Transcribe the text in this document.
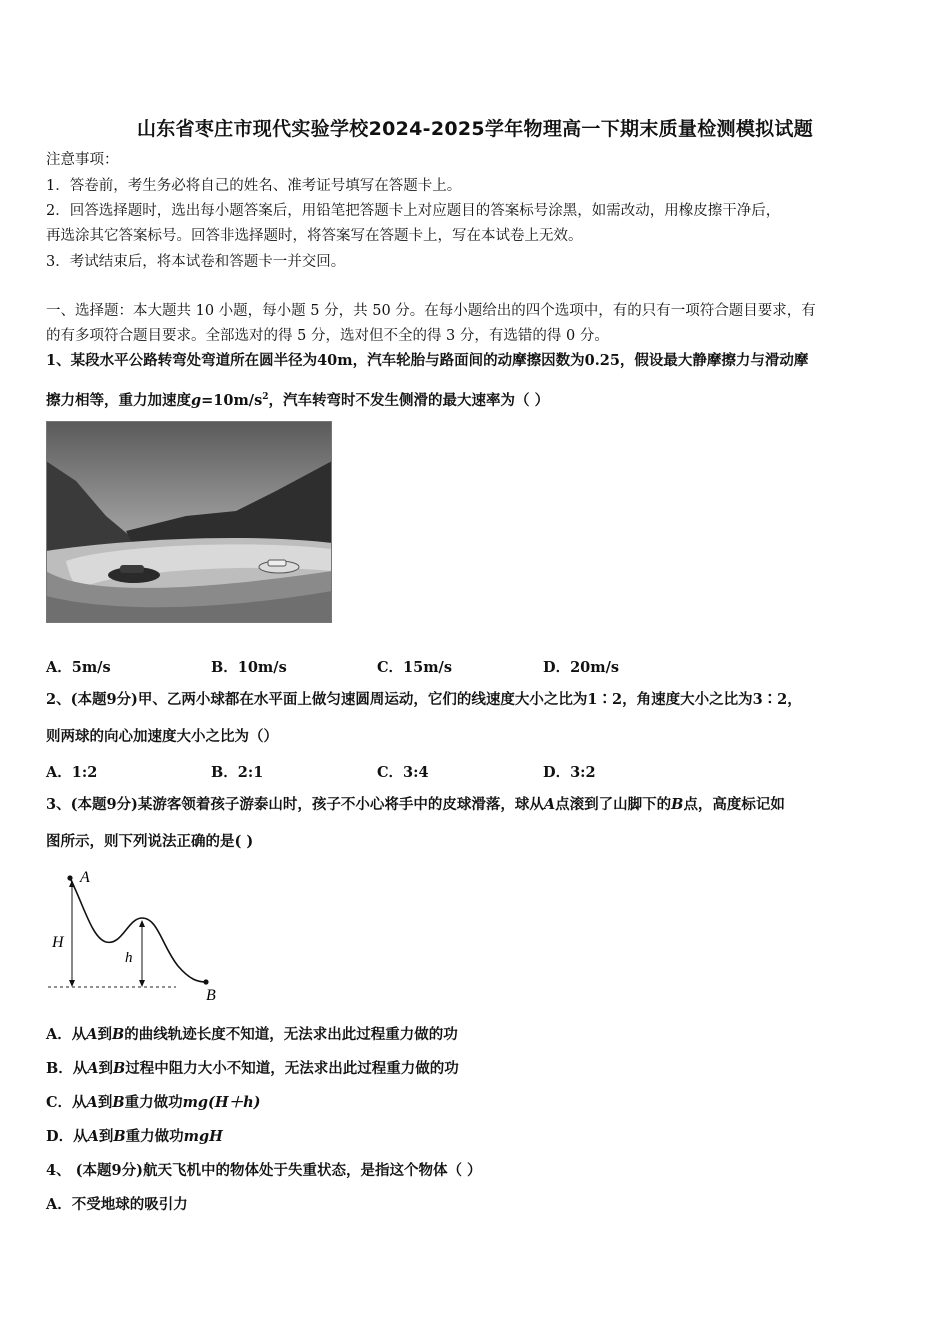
山东省枣庄市现代实验学校2024-2025学年物理高一下期末质量检测模拟试题
注意事项：
1．答卷前，考生务必将自己的姓名、准考证号填写在答题卡上。
2．回答选择题时，选出每小题答案后，用铅笔把答题卡上对应题目的答案标号涂黑，如需改动，用橡皮擦干净后，
再选涂其它答案标号。回答非选择题时，将答案写在答题卡上，写在本试卷上无效。
3．考试结束后，将本试卷和答题卡一并交回。
一、选择题：本大题共 10 小题，每小题 5 分，共 50 分。在每小题给出的四个选项中，有的只有一项符合题目要求，有
的有多项符合题目要求。全部选对的得 5 分，选对但不全的得 3 分，有选错的得 0 分。
1、某段水平公路转弯处弯道所在圆半径为40m，汽车轮胎与路面间的动摩擦因数为0.25，假设最大静摩擦力与滑动摩
擦力相等，重力加速度$g=10m/s^2$，汽车转弯时不发生侧滑的最大速率为（ ）
A．5m/s	B．10m/s	C．15m/s	D．20m/s
2、(本题9分)甲、乙两小球都在水平面上做匀速圆周运动，它们的线速度大小之比为1∶2，角速度大小之比为3∶2，
则两球的向心加速度大小之比为（）
A．1:2	B．2:1	C．3:4	D．3:2
3、(本题9分)某游客领着孩子游泰山时，孩子不小心将手中的皮球滑落，球从A点滚到了山脚下的B点，高度标记如
图所示，则下列说法正确的是( )
A
H
h
B
A．从A到B的曲线轨迹长度不知道，无法求出此过程重力做的功
B．从A到B过程中阻力大小不知道，无法求出此过程重力做的功
C．从A到B重力做功mg(H＋h)
D．从A到B重力做功mgH
4、 (本题9分)航天飞机中的物体处于失重状态，是指这个物体（ ）
A．不受地球的吸引力
